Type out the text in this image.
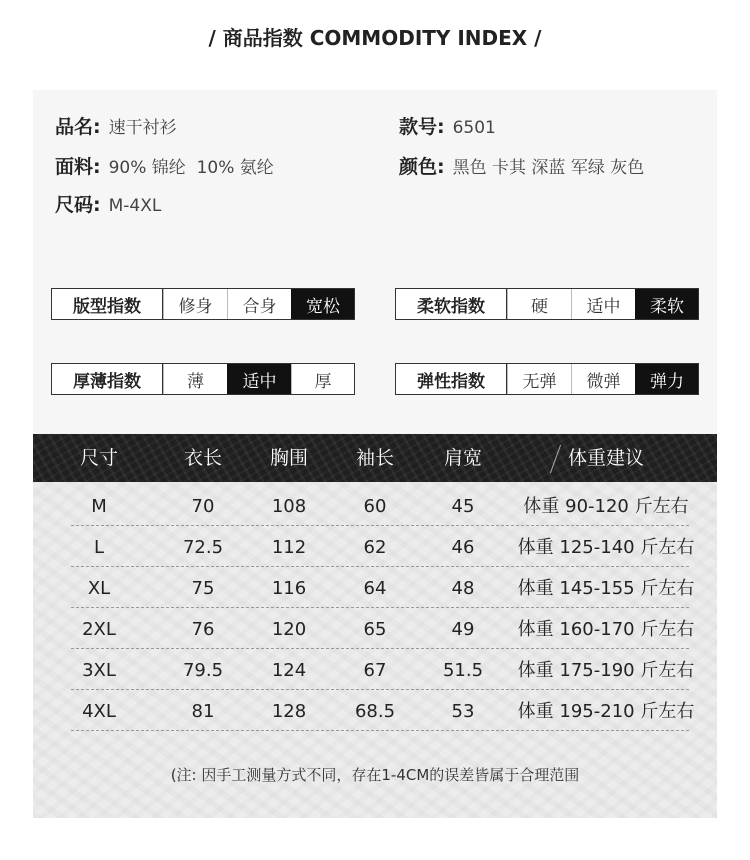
/ 商品指数 COMMODITY INDEX /
品名: 速干衬衫	款号: 6501
面料: 90% 锦纶  10% 氨纶	颜色: 黑色 卡其 深蓝 军绿 灰色
尺码: M-4XL
版型指数	修身	合身	宽松	柔软指数	硬	适中	柔软
厚薄指数	薄	适中	厚	弹性指数	无弹	微弹	弹力
尺寸	衣长	胸围	袖长	肩宽	体重建议
M	70	108	60	45	体重 90-120 斤左右
L	72.5	112	62	46	体重 125-140 斤左右
XL	75	116	64	48	体重 145-155 斤左右
2XL	76	120	65	49	体重 160-170 斤左右
3XL	79.5	124	67	51.5	体重 175-190 斤左右
4XL	81	128	68.5	53	体重 195-210 斤左右
(注: 因手工测量方式不同，存在1-4CM的误差皆属于合理范围
